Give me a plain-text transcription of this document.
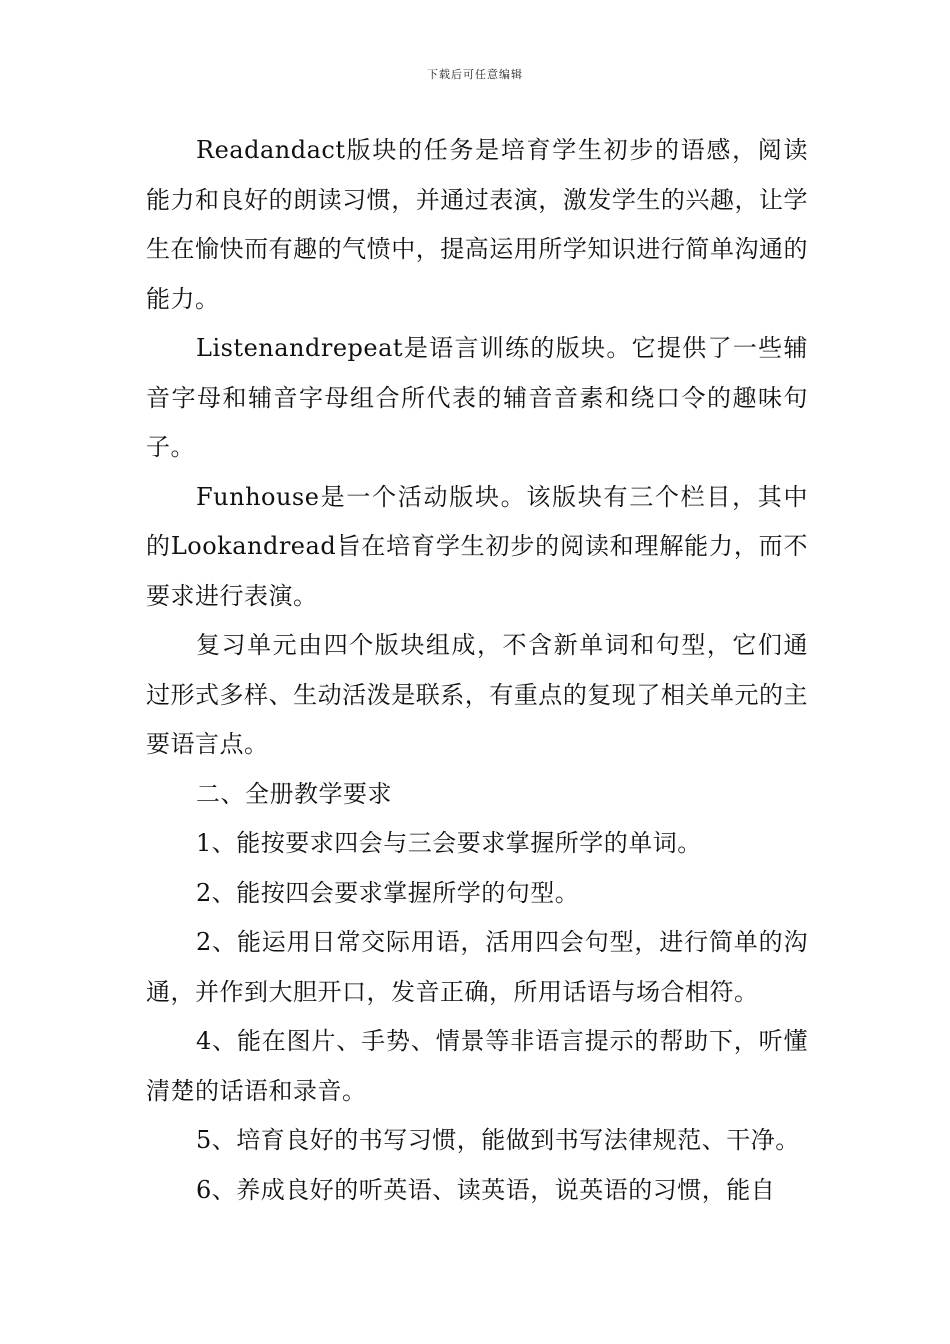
下载后可任意编辑

Readandact版块的任务是培育学生初步的语感，阅读能力和良好的朗读习惯，并通过表演，激发学生的兴趣，让学生在愉快而有趣的气愤中，提高运用所学知识进行简单沟通的能力。

Listenandrepeat是语言训练的版块。它提供了一些辅音字母和辅音字母组合所代表的辅音音素和绕口令的趣味句子。

Funhouse是一个活动版块。该版块有三个栏目，其中的Lookandread旨在培育学生初步的阅读和理解能力，而不要求进行表演。

复习单元由四个版块组成，不含新单词和句型，它们通过形式多样、生动活泼是联系，有重点的复现了相关单元的主要语言点。

二、全册教学要求

1、能按要求四会与三会要求掌握所学的单词。

2、能按四会要求掌握所学的句型。

2、能运用日常交际用语，活用四会句型，进行简单的沟通，并作到大胆开口，发音正确，所用话语与场合相符。

4、能在图片、手势、情景等非语言提示的帮助下，听懂清楚的话语和录音。

5、培育良好的书写习惯，能做到书写法律规范、干净。

6、养成良好的听英语、读英语，说英语的习惯，能自
